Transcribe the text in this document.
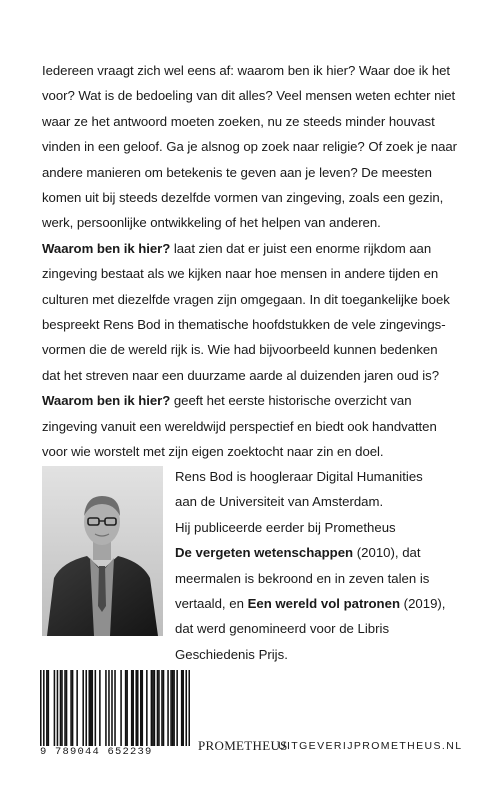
Iedereen vraagt zich wel eens af: waarom ben ik hier? Waar doe ik het
voor? Wat is de bedoeling van dit alles? Veel mensen weten echter niet
waar ze het antwoord moeten zoeken, nu ze steeds minder houvast
vinden in een geloof. Ga je alsnog op zoek naar religie? Of zoek je naar
andere manieren om betekenis te geven aan je leven? De meesten
komen uit bij steeds dezelfde vormen van zingeving, zoals een gezin,
werk, persoonlijke ontwikkeling of het helpen van anderen.
Waarom ben ik hier? laat zien dat er juist een enorme rijkdom aan
zingeving bestaat als we kijken naar hoe mensen in andere tijden en
culturen met diezelfde vragen zijn omgegaan. In dit toegankelijke boek
bespreekt Rens Bod in thematische hoofdstukken de vele zingevings-
vormen die de wereld rijk is. Wie had bijvoorbeeld kunnen bedenken
dat het streven naar een duurzame aarde al duizenden jaren oud is?
Waarom ben ik hier? geeft het eerste historische overzicht van
zingeving vanuit een wereldwijd perspectief en biedt ook handvatten
voor wie worstelt met zijn eigen zoektocht naar zin en doel.
Rens Bod is hoogleraar Digital Humanities
aan de Universiteit van Amsterdam.
Hij publiceerde eerder bij Prometheus
De vergeten wetenschappen (2010), dat
meermalen is bekroond en in zeven talen is
vertaald, en Een wereld vol patronen (2019),
dat werd genomineerd voor de Libris
Geschiedenis Prijs.
9 789044 652239	PROMETHEUS
UITGEVERIJPROMETHEUS.NL
